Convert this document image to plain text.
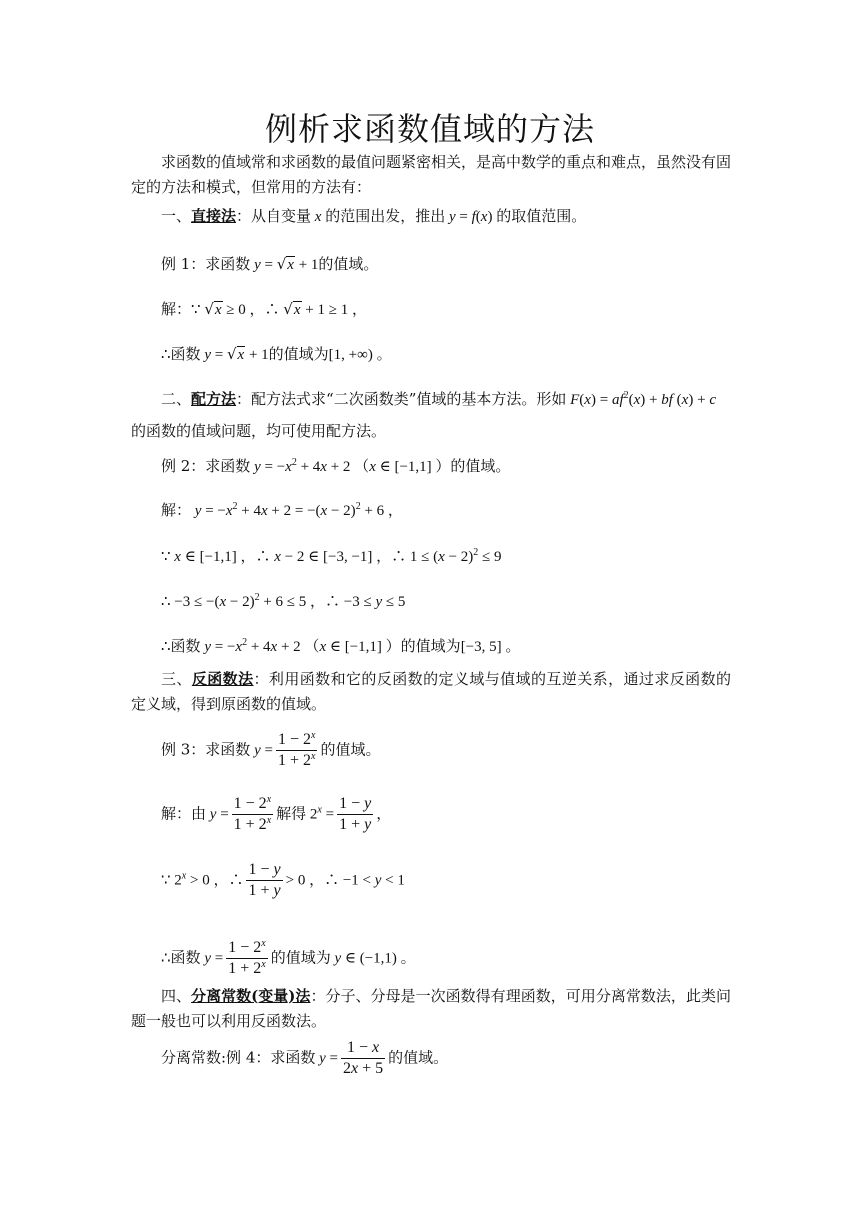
例析求函数值域的方法
求函数的值域常和求函数的最值问题紧密相关，是高中数学的重点和难点，虽然没有固定的方法和模式，但常用的方法有：
一、直接法：从自变量 x 的范围出发，推出 y = f(x) 的取值范围。
例 1：求函数 y = √x + 1的值域。
解：∵ √x ≥ 0 ，∴ √x + 1 ≥ 1 ，
∴函数 y = √x + 1的值域为[1, +∞) 。
二、配方法：配方法式求“二次函数类”值域的基本方法。形如 $F(x) = af^2(x)$ + bf (x) + c
的函数的值域问题，均可使用配方法。
例 2：求函数 $y = -x^2 + 4x + 2$ （x ∈ [−1,1] ）的值域。
解： $y = -x^2 + 4x + 2 = -(x - 2)^2 + 6$ ，
∵ x ∈ [−1,1] ，∴ x − 2 ∈ [−3, −1] ，∴ $1 \le (x - 2)^2 \le 9$
∴ $-3 \le -(x - 2)^2 + 6 \le 5$ ，∴ −3 ≤ y ≤ 5
∴函数 $y = -x^2 + 4x + 2$ （x ∈ [−1,1] ）的值域为[−3, 5] 。
三、反函数法：利用函数和它的反函数的定义域与值域的互逆关系，通过求反函数的定义域，得到原函数的值域。
例 3：求函数 $y = \frac{1 - 2^x}{1 + 2^x}$ 的值域。
解：由 $y = \frac{1 - 2^x}{1 + 2^x}$ 解得 $2^x = \frac{1 - y}{1 + y}$ ，
∵ $2^x > 0$ ，∴ $\frac{1 - y}{1 + y} > 0$ ，∴ −1 < y < 1
∴函数 $y = \frac{1 - 2^x}{1 + 2^x}$ 的值域为 y ∈ (−1,1) 。
四、分离常数(变量)法：分子、分母是一次函数得有理函数，可用分离常数法，此类问题一般也可以利用反函数法。
分离常数:例 4：求函数 $y = \frac{1 - x}{2x + 5}$ 的值域。
